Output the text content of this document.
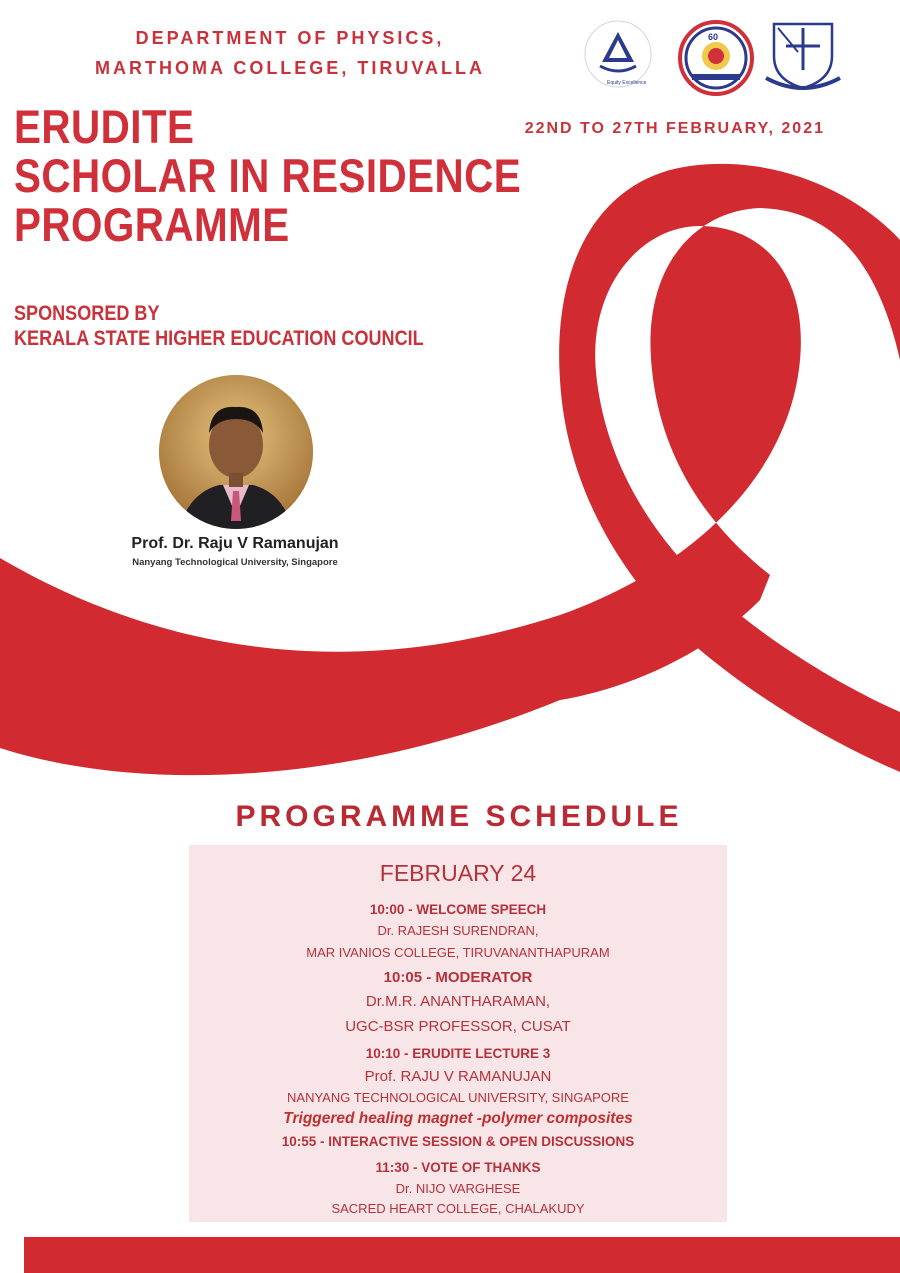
DEPARTMENT OF PHYSICS,
MARTHOMA COLLEGE, TIRUVALLA
Equity Excellence
60
ERUDITE
SCHOLAR IN RESIDENCE
PROGRAMME
22ND TO 27TH FEBRUARY, 2021
SPONSORED BY
KERALA STATE HIGHER EDUCATION COUNCIL
Prof. Dr. Raju V Ramanujan
Nanyang Technological University, Singapore
PROGRAMME SCHEDULE
FEBRUARY 24
10:00 - WELCOME SPEECH
Dr. RAJESH SURENDRAN,
MAR IVANIOS COLLEGE, TIRUVANANTHAPURAM
10:05 - MODERATOR
Dr.M.R. ANANTHARAMAN,
UGC-BSR PROFESSOR, CUSAT
10:10 - ERUDITE LECTURE 3
Prof. RAJU V RAMANUJAN
NANYANG TECHNOLOGICAL UNIVERSITY, SINGAPORE
Triggered healing magnet -polymer composites
10:55 - INTERACTIVE SESSION & OPEN DISCUSSIONS
11:30 - VOTE OF THANKS
Dr. NIJO VARGHESE
SACRED HEART COLLEGE, CHALAKUDY
